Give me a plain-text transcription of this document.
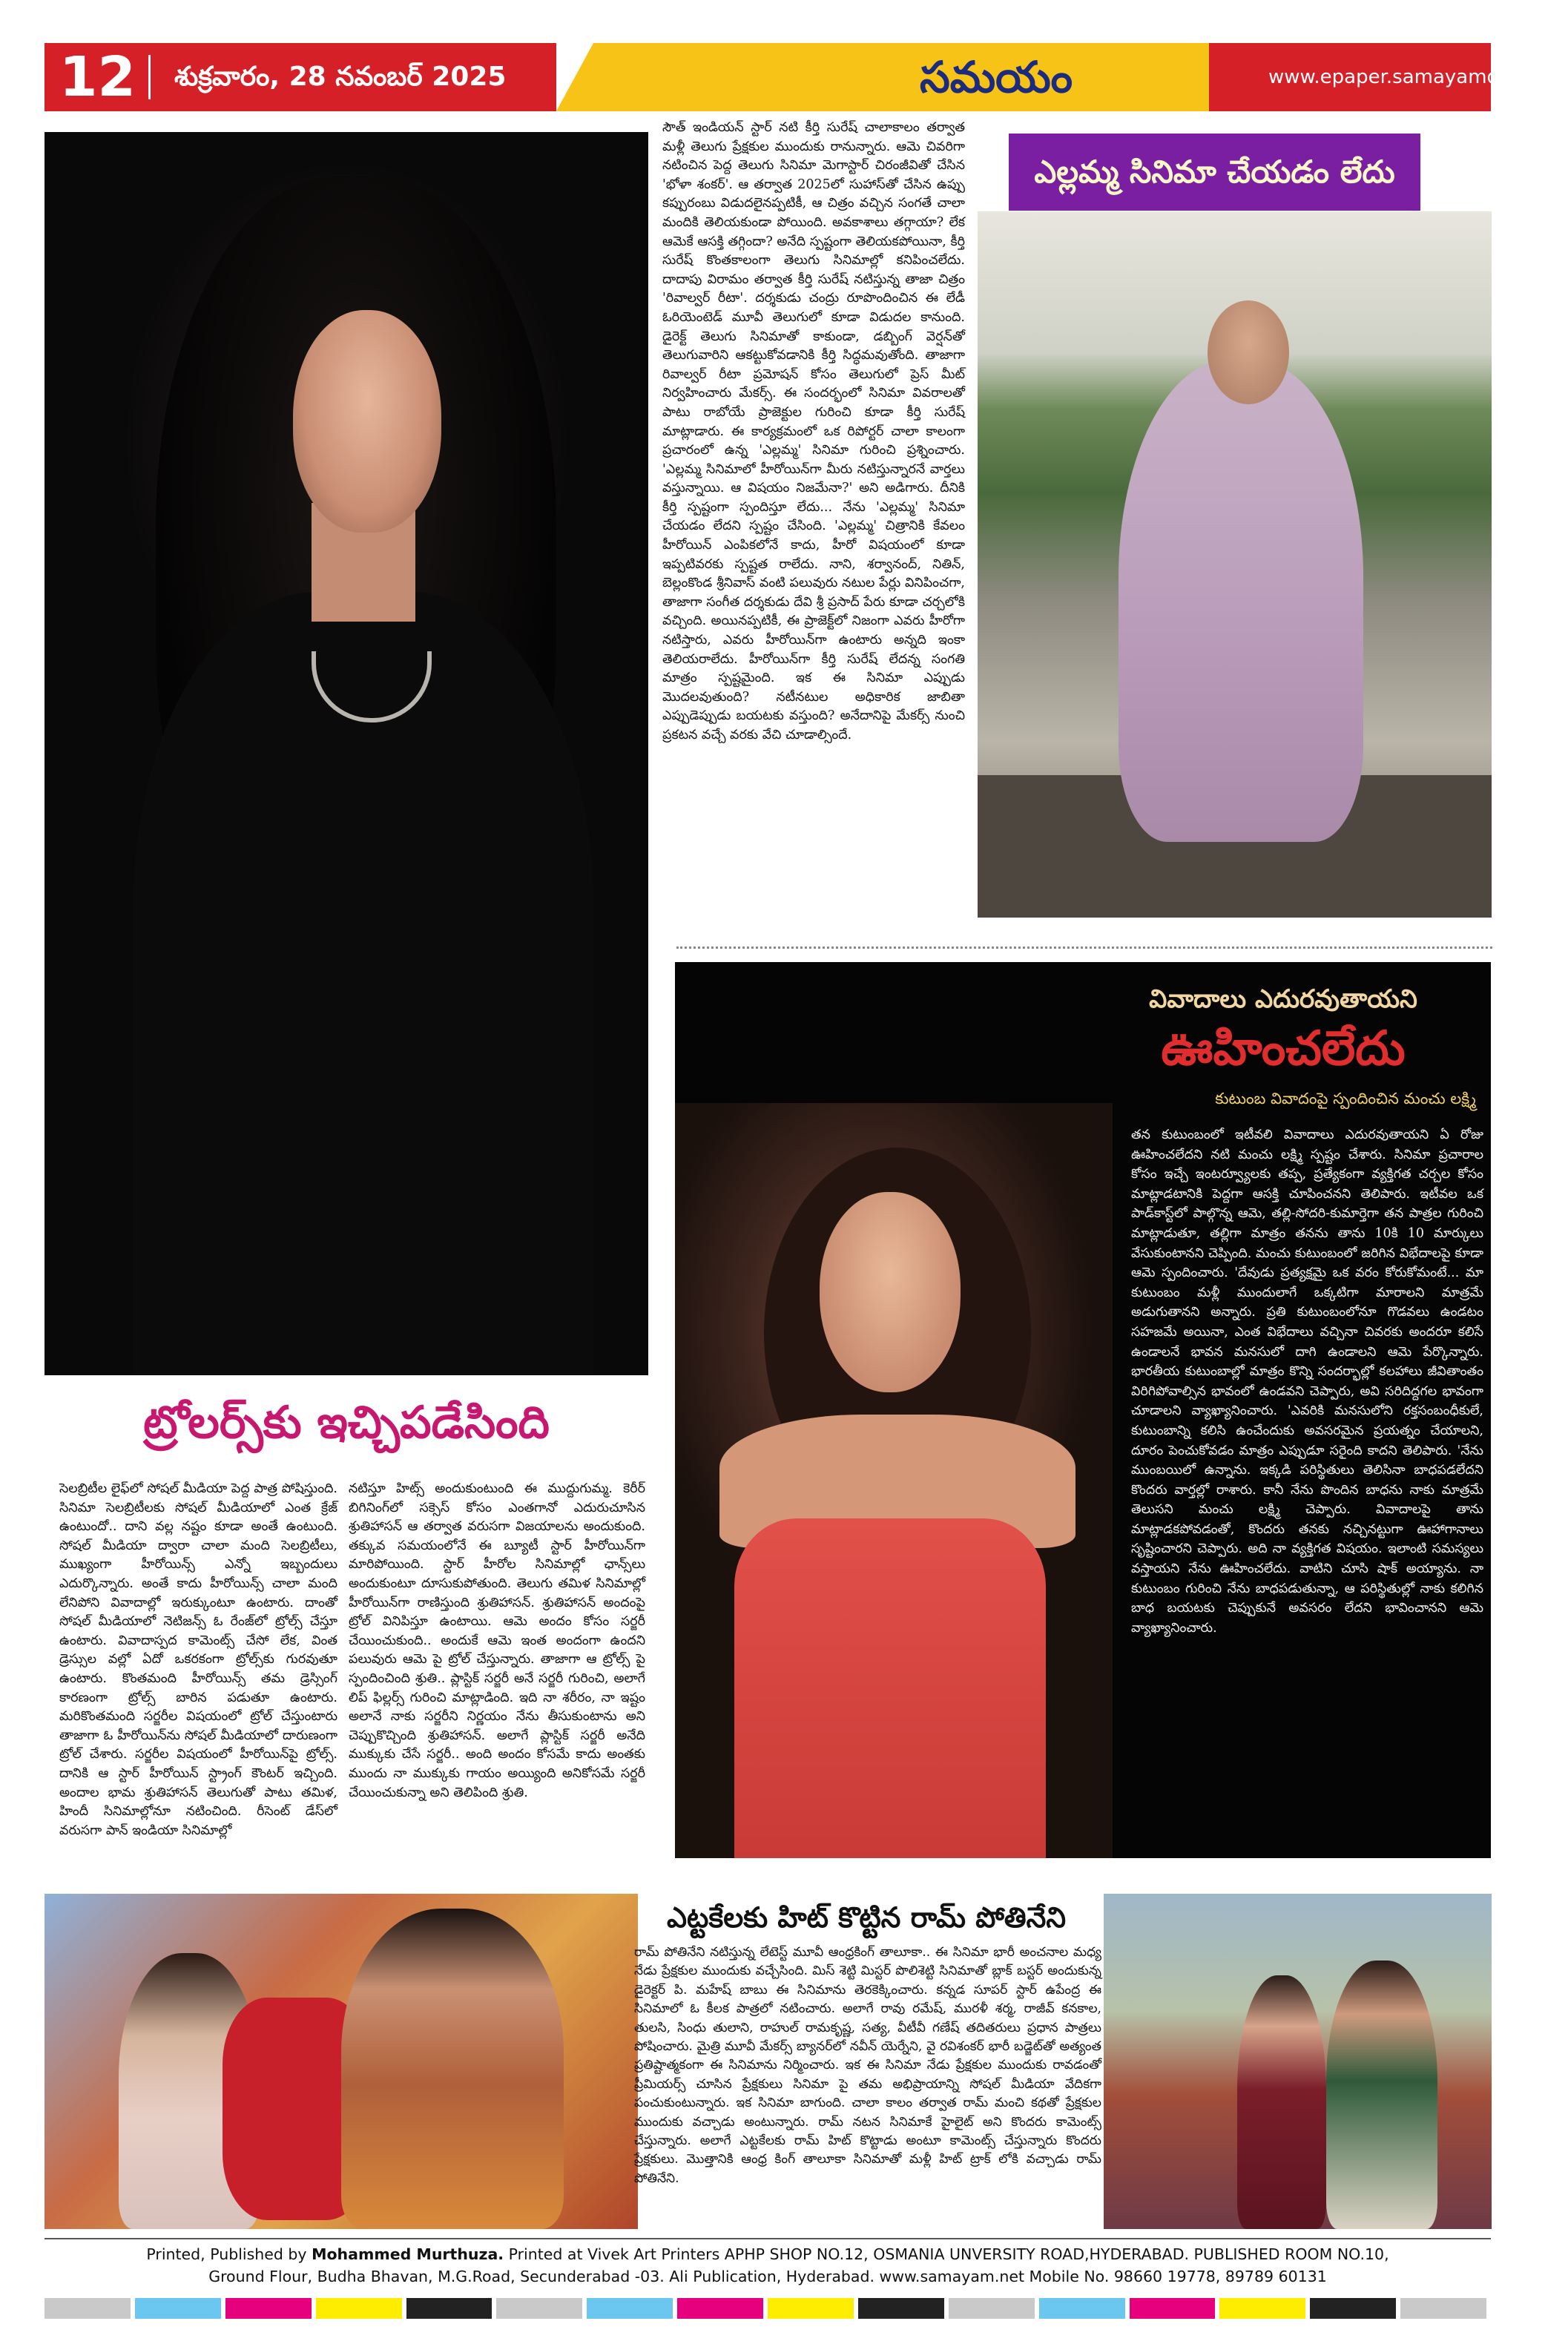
12 శుక్రవారం, 28 నవంబర్ 2025	సమయం	www.epaper.samayamdaily.net
ట్రోలర్స్‌కు ఇచ్చిపడేసింది

సెలబ్రిటీల లైఫ్‌లో సోషల్ మీడియా పెద్ద పాత్ర పోషిస్తుంది. సినిమా సెలబ్రిటీలకు సోషల్ మీడియాలో ఎంత క్రేజ్ ఉంటుందో.. దాని వల్ల నష్టం కూడా అంతే ఉంటుంది. సోషల్ మీడియా ద్వారా చాలా మంది సెలబ్రిటీలు, ముఖ్యంగా హీరోయిన్స్ ఎన్నో ఇబ్బందులు ఎదుర్కొన్నారు. అంతే కాదు హీరోయిన్స్ చాలా మంది లేనిపోని వివాదాల్లో ఇరుక్కుంటూ ఉంటారు. దాంతో సోషల్ మీడియాలో నెటిజన్స్ ఓ రేంజ్‌లో ట్రోల్స్ చేస్తూ ఉంటారు. వివాదాస్పద కామెంట్స్ చేసో లేక, వింత డ్రెస్సుల వల్లో ఏదో ఒకరకంగా ట్రోల్స్‌కు గురవుతూ ఉంటారు. కొంతమంది హీరోయిన్స్ తమ డ్రెస్సింగ్ కారణంగా ట్రోల్స్ బారిన పడుతూ ఉంటారు. మరికొంతమంది సర్జరీల విషయంలో ట్రోల్ చేస్తుంటారు తాజాగా ఓ హీరోయిన్‌ను సోషల్ మీడియాలో దారుణంగా ట్రోల్ చేశారు. సర్జరీల విషయంలో హీరోయిన్‌పై ట్రోల్స్. దానికి ఆ స్టార్ హీరోయిన్ స్ట్రాంగ్ కౌంటర్ ఇచ్చింది. అందాల భామ శ్రుతిహాసన్ తెలుగుతో పాటు తమిళ, హిందీ సినిమాల్లోనూ నటించింది. రీసెంట్ డేస్‌లో వరుసగా పాన్ ఇండియా సినిమాల్లో

నటిస్తూ హిట్స్ అందుకుంటుంది ఈ ముద్దుగుమ్మ. కెరీర్ బిగినింగ్‌లో సక్సెస్ కోసం ఎంతగానో ఎదురుచూసిన శ్రుతిహాసన్ ఆ తర్వాత వరుసగా విజయాలను అందుకుంది. తక్కువ సమయంలోనే ఈ బ్యూటీ స్టార్ హీరోయిన్‌గా మారిపోయింది. స్టార్ హీరోల సినిమాల్లో ఛాన్స్‌లు అందుకుంటూ దూసుకుపోతుంది. తెలుగు తమిళ సినిమాల్లో హీరోయిన్‌గా రాణిస్తుంది శ్రుతిహాసన్. శ్రుతిహాసన్ అందంపై ట్రోల్ వినిపిస్తూ ఉంటాయి. ఆమె అందం కోసం సర్జరీ చేయించుకుంది.. అందుకే ఆమె ఇంత అందంగా ఉందని పలువురు ఆమె పై ట్రోల్ చేస్తున్నారు. తాజాగా ఆ ట్రోల్స్ పై స్పందించింది శ్రుతి.. ప్లాస్టిక్ సర్జరీ అనే సర్జరీ గురించి, అలాగే లిప్ ఫిల్లర్స్ గురించి మాట్లాడింది. ఇది నా శరీరం, నా ఇష్టం అలానే నాకు సర్జరీని నిర్ణయం నేను తీసుకుంటాను అని చెప్పుకొచ్చింది శ్రుతిహాసన్. అలాగే ప్లాస్టిక్ సర్జరీ అనేది ముక్కుకు చేసే సర్జరీ.. అంది అందం కోసమే కాదు అంతకు ముందు నా ముక్కుకు గాయం అయ్యింది అనికోసమే సర్జరీ చేయించుకున్నా అని తెలిపింది శ్రుతి.

సౌత్ ఇండియన్ స్టార్ నటి కీర్తి సురేష్ చాలాకాలం తర్వాత మళ్లీ తెలుగు ప్రేక్షకుల ముందుకు రానున్నారు. ఆమె చివరిగా నటించిన పెద్ద తెలుగు సినిమా మెగాస్టార్ చిరంజీవితో చేసిన 'భోళా శంకర్'. ఆ తర్వాత 2025లో సుహాస్‌తో చేసిన ఉప్పు కప్పురంబు విడుదలైనప్పటికీ, ఆ చిత్రం వచ్చిన సంగతే చాలా మందికి తెలియకుండా పోయింది. అవకాశాలు తగ్గాయా? లేక ఆమెకే ఆసక్తి తగ్గిందా? అనేది స్పష్టంగా తెలియకపోయినా, కీర్తి సురేష్ కొంతకాలంగా తెలుగు సినిమాల్లో కనిపించలేదు. దాదాపు విరామం తర్వాత కీర్తి సురేష్ నటిస్తున్న తాజా చిత్రం 'రివాల్వర్ రీటా'. దర్శకుడు చంద్రు రూపొందించిన ఈ లేడీ ఓరియెంటెడ్ మూవీ తెలుగులో కూడా విడుదల కానుంది. డైరెక్ట్ తెలుగు సినిమాతో కాకుండా, డబ్బింగ్ వెర్షన్‌తో తెలుగువారిని ఆకట్టుకోవడానికి కీర్తి సిద్ధమవుతోంది. తాజాగా రివాల్వర్ రీటా ప్రమోషన్ కోసం తెలుగులో ప్రెస్ మీట్ నిర్వహించారు మేకర్స్. ఈ సందర్భంలో సినిమా వివరాలతో పాటు రాబోయే ప్రాజెక్టుల గురించి కూడా కీర్తి సురేష్ మాట్లాడారు. ఈ కార్యక్రమంలో ఒక రిపోర్టర్ చాలా కాలంగా ప్రచారంలో ఉన్న 'ఎల్లమ్మ' సినిమా గురించి ప్రశ్నించారు. 'ఎల్లమ్మ సినిమాలో హీరోయిన్‌గా మీరు నటిస్తున్నారనే వార్తలు వస్తున్నాయి. ఆ విషయం నిజమేనా?' అని అడిగారు. దీనికి కీర్తి స్పష్టంగా స్పందిస్తూ లేదు... నేను 'ఎల్లమ్మ' సినిమా చేయడం లేదని స్పష్టం చేసింది. 'ఎల్లమ్మ' చిత్రానికి కేవలం హీరోయిన్ ఎంపికలోనే కాదు, హీరో విషయంలో కూడా ఇప్పటివరకు స్పష్టత రాలేదు. నాని, శర్వానంద్, నితిన్, బెల్లంకొండ శ్రీనివాస్ వంటి పలువురు నటుల పేర్లు వినిపించగా, తాజాగా సంగీత దర్శకుడు దేవి శ్రీ ప్రసాద్ పేరు కూడా చర్చలోకి వచ్చింది. అయినప్పటికీ, ఈ ప్రాజెక్ట్‌లో నిజంగా ఎవరు హీరోగా నటిస్తారు, ఎవరు హీరోయిన్‌గా ఉంటారు అన్నది ఇంకా తెలియరాలేదు. హీరోయిన్‌గా కీర్తి సురేష్ లేదన్న సంగతి మాత్రం స్పష్టమైంది. ఇక ఈ సినిమా ఎప్పుడు మొదలవుతుంది? నటీనటుల అధికారిక జాబితా ఎప్పుడెప్పుడు బయటకు వస్తుంది? అనేదానిపై మేకర్స్ నుంచి ప్రకటన వచ్చే వరకు వేచి చూడాల్సిందే.

ఎల్లమ్మ సినిమా చేయడం లేదు
వివాదాలు ఎదురవుతాయని
ఊహించలేదు
కుటుంబ వివాదంపై స్పందించిన మంచు లక్ష్మి

తన కుటుంబంలో ఇటీవలి వివాదాలు ఎదురవుతాయని ఏ రోజు ఊహించలేదని నటి మంచు లక్ష్మి స్పష్టం చేశారు. సినిమా ప్రచారాల కోసం ఇచ్చే ఇంటర్వ్యూలకు తప్ప, ప్రత్యేకంగా వ్యక్తిగత చర్చల కోసం మాట్లాడటానికి పెద్దగా ఆసక్తి చూపించనని తెలిపారు. ఇటీవల ఒక పాడ్‌కాస్ట్‌లో పాల్గొన్న ఆమె, తల్లి-సోదరి-కుమార్తెగా తన పాత్రల గురించి మాట్లాడుతూ, తల్లిగా మాత్రం తనను తాను 10కి 10 మార్కులు వేసుకుంటానని చెప్పింది. మంచు కుటుంబంలో జరిగిన విభేదాలపై కూడా ఆమె స్పందించారు. 'దేవుడు ప్రత్యక్షమై ఒక వరం కోరుకోమంటే... మా కుటుంబం మళ్లీ ముందులాగే ఒక్కటిగా మారాలని మాత్రమే అడుగుతానని అన్నారు. ప్రతి కుటుంబంలోనూ గొడవలు ఉండటం సహజమే అయినా, ఎంత విభేదాలు వచ్చినా చివరకు అందరూ కలిసే ఉండాలనే భావన మనసులో దాగి ఉండాలని ఆమె పేర్కొన్నారు. భారతీయ కుటుంబాల్లో మాత్రం కొన్ని సందర్భాల్లో కలహాలు జీవితాంతం విరిగిపోవాల్సిన భావంలో ఉండవని చెప్పారు, అవి సరిదిద్దగల భావంగా చూడాలని వ్యాఖ్యానించారు. 'ఎవరికి మనసులోని రక్తసంబంధీకులే, కుటుంబాన్ని కలిసి ఉంచేందుకు అవసరమైన ప్రయత్నం చేయాలని, దూరం పెంచుకోవడం మాత్రం ఎప్పుడూ సరైంది కాదని తెలిపారు. 'నేను ముంబయిలో ఉన్నాను. ఇక్కడి పరిస్థితులు తెలిసినా బాధపడలేదని కొందరు వార్తల్లో రాశారు. కానీ నేను పొందిన బాధను నాకు మాత్రమే తెలుసని మంచు లక్ష్మి చెప్పారు. వివాదాలపై తాను మాట్లాడకపోవడంతో, కొందరు తనకు నచ్చినట్టుగా ఊహాగానాలు సృష్టించారని చెప్పారు. అది నా వ్యక్తిగత విషయం. ఇలాంటి సమస్యలు వస్తాయని నేను ఊహించలేదు. వాటిని చూసి షాక్ అయ్యాను. నా కుటుంబం గురించి నేను బాధపడుతున్నా, ఆ పరిస్థితుల్లో నాకు కలిగిన బాధ బయటకు చెప్పుకునే అవసరం లేదని భావించానని ఆమె వ్యాఖ్యానించారు.

ఎట్టకేలకు హిట్ కొట్టిన రామ్ పోతినేని

రామ్ పోతినేని నటిస్తున్న లేటెస్ట్ మూవీ ఆంధ్రకింగ్ తాలూకా.. ఈ సినిమా భారీ అంచనాల మధ్య నేడు ప్రేక్షకుల ముందుకు వచ్చేసింది. మిస్ శెట్టి మిస్టర్ పొలిశెట్టి సినిమాతో బ్లాక్ బస్టర్ అందుకున్న డైరెక్టర్ పి. మహేష్ బాబు ఈ సినిమాను తెరకెక్కించారు. కన్నడ సూపర్ స్టార్ ఉపేంద్ర ఈ సినిమాలో ఓ కీలక పాత్రలో నటించారు. అలాగే రావు రమేష్, మురళీ శర్మ, రాజీవ్ కనకాల, తులసి, సింధు తులాని, రాహుల్ రామకృష్ణ, సత్య, వీటీవీ గణేష్ తదితరులు ప్రధాన పాత్రలు పోషించారు. మైత్రి మూవీ మేకర్స్ బ్యానర్‌లో నవీన్ యెర్నేని, వై రవిశంకర్ భారీ బడ్జెట్‌తో అత్యంత ప్రతిష్టాత్మకంగా ఈ సినిమాను నిర్మించారు. ఇక ఈ సినిమా నేడు ప్రేక్షకుల ముందుకు రావడంతో ప్రీమియర్స్ చూసిన ప్రేక్షకులు సినిమా పై తమ అభిప్రాయాన్ని సోషల్ మీడియా వేదికగా పంచుకుంటున్నారు. ఇక సినిమా బాగుంది. చాలా కాలం తర్వాత రామ్ మంచి కథతో ప్రేక్షకుల ముందుకు వచ్చాడు అంటున్నారు. రామ్ నటన సినిమాకే హైలైట్ అని కొందరు కామెంట్స్ చేస్తున్నారు. అలాగే ఎట్టకేలకు రామ్ హిట్ కొట్టాడు అంటూ కామెంట్స్ చేస్తున్నారు కొందరు ప్రేక్షకులు. మొత్తానికి ఆంధ్ర కింగ్ తాలూకా సినిమాతో మళ్లీ హిట్ ట్రాక్ లోకి వచ్చాడు రామ్ పోతినేని.

Printed, Published by Mohammed Murthuza. Printed at Vivek Art Printers APHP SHOP NO.12, OSMANIA UNVERSITY ROAD,HYDERABAD. PUBLISHED ROOM NO.10,
Ground Flour, Budha Bhavan, M.G.Road, Secunderabad -03. Ali Publication, Hyderabad. www.samayam.net Mobile No. 98660 19778, 89789 60131
